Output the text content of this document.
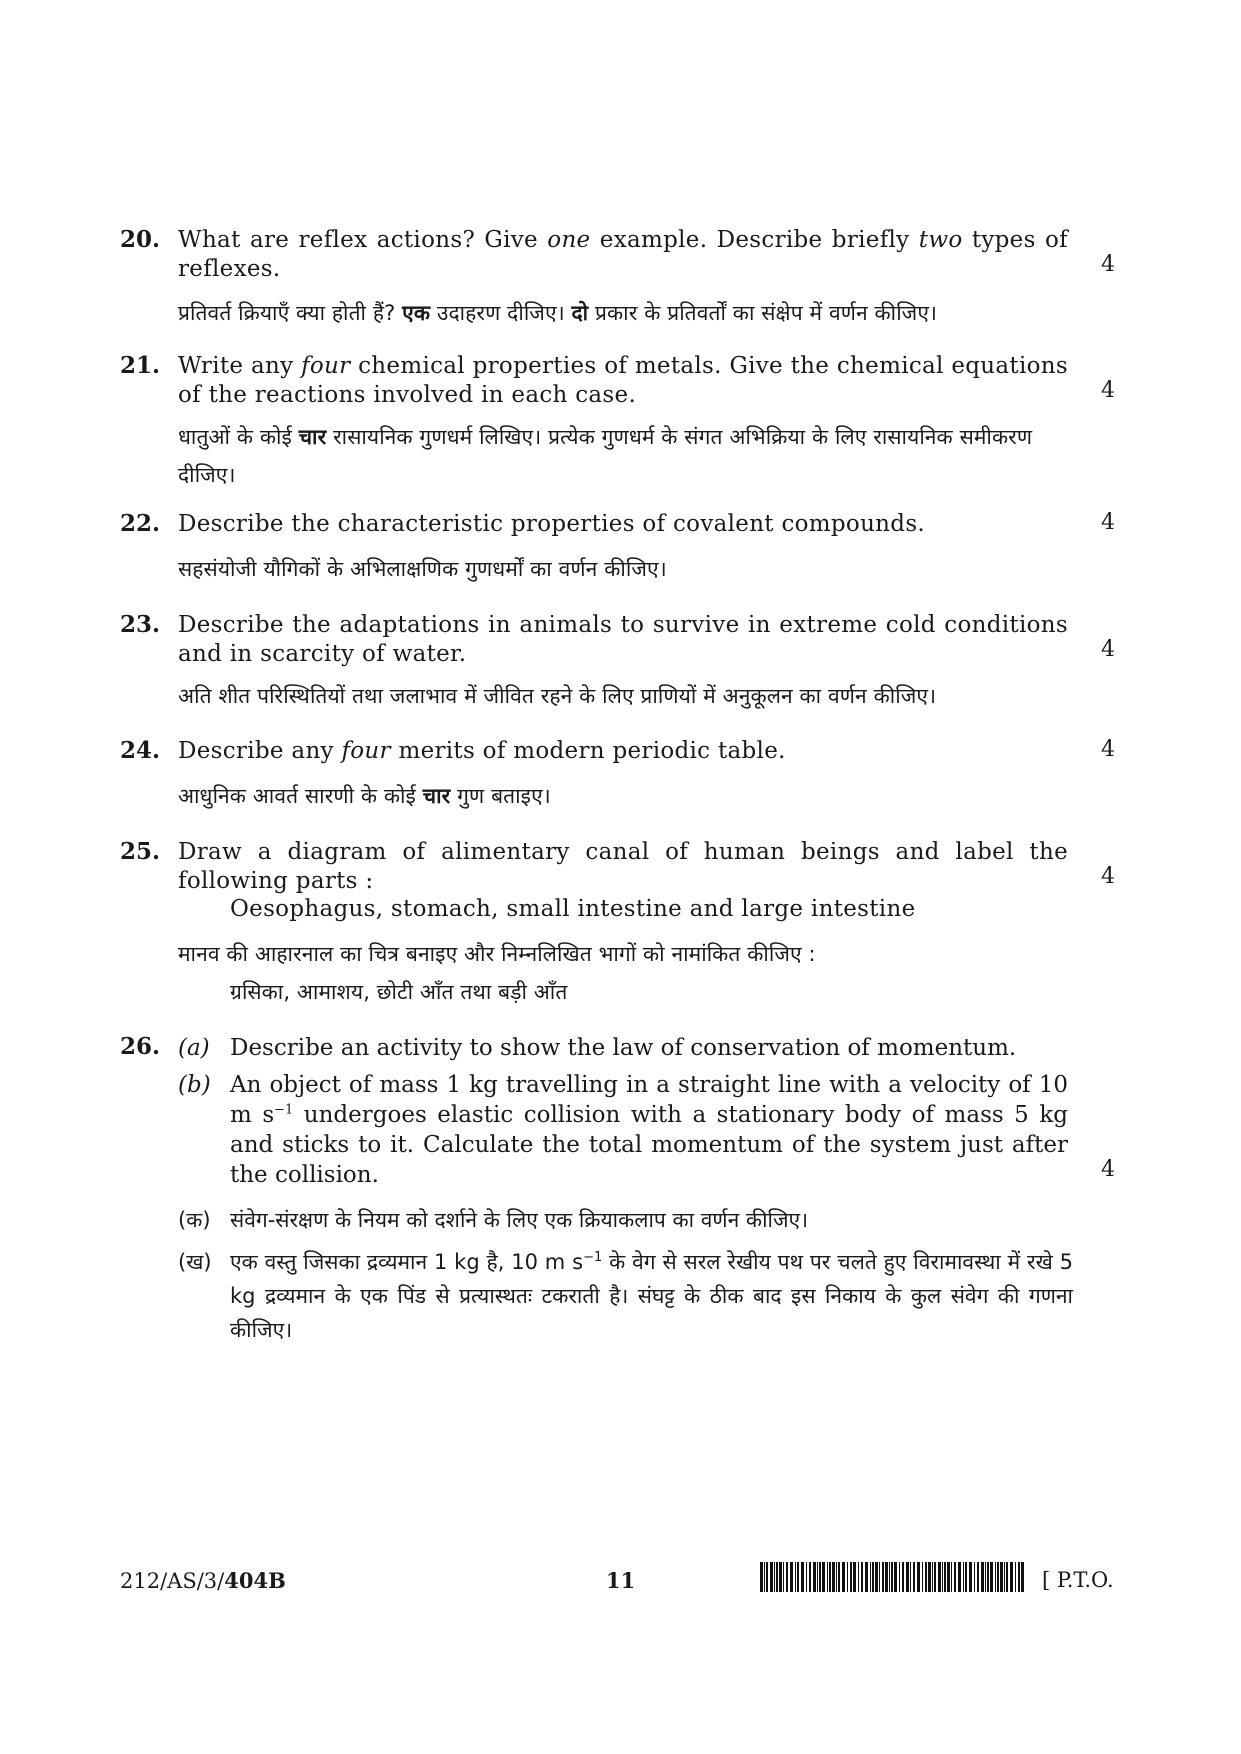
20. What are reflex actions? Give one example. Describe briefly two types of reflexes.	4
प्रतिवर्त क्रियाएँ क्या होती हैं? एक उदाहरण दीजिए। दो प्रकार के प्रतिवर्तों का संक्षेप में वर्णन कीजिए।
21. Write any four chemical properties of metals. Give the chemical equations of the reactions involved in each case.	4
धातुओं के कोई चार रासायनिक गुणधर्म लिखिए। प्रत्येक गुणधर्म के संगत अभिक्रिया के लिए रासायनिक समीकरण दीजिए।
22. Describe the characteristic properties of covalent compounds.	4
सहसंयोजी यौगिकों के अभिलाक्षणिक गुणधर्मों का वर्णन कीजिए।
23. Describe the adaptations in animals to survive in extreme cold conditions and in scarcity of water.	4
अति शीत परिस्थितियों तथा जलाभाव में जीवित रहने के लिए प्राणियों में अनुकूलन का वर्णन कीजिए।
24. Describe any four merits of modern periodic table.	4
आधुनिक आवर्त सारणी के कोई चार गुण बताइए।
25. Draw a diagram of alimentary canal of human beings and label the following parts :	4
Oesophagus, stomach, small intestine and large intestine
मानव की आहारनाल का चित्र बनाइए और निम्नलिखित भागों को नामांकित कीजिए :
ग्रसिका, आमाशय, छोटी आँत तथा बड़ी आँत
26. (a) Describe an activity to show the law of conservation of momentum.
(b) An object of mass 1 kg travelling in a straight line with a velocity of 10 m $s^{-1}$ undergoes elastic collision with a stationary body of mass 5 kg and sticks to it. Calculate the total momentum of the system just after the collision.	4
(क) संवेग-संरक्षण के नियम को दर्शाने के लिए एक क्रियाकलाप का वर्णन कीजिए।
(ख) एक वस्तु जिसका द्रव्यमान 1 kg है, 10 m $s^{-1}$ के वेग से सरल रेखीय पथ पर चलते हुए विरामावस्था में रखे 5 kg द्रव्यमान के एक पिंड से प्रत्यास्थतः टकराती है। संघट्ट के ठीक बाद इस निकाय के कुल संवेग की गणना कीजिए।
212/AS/3/404B	11	[ P.T.O.
